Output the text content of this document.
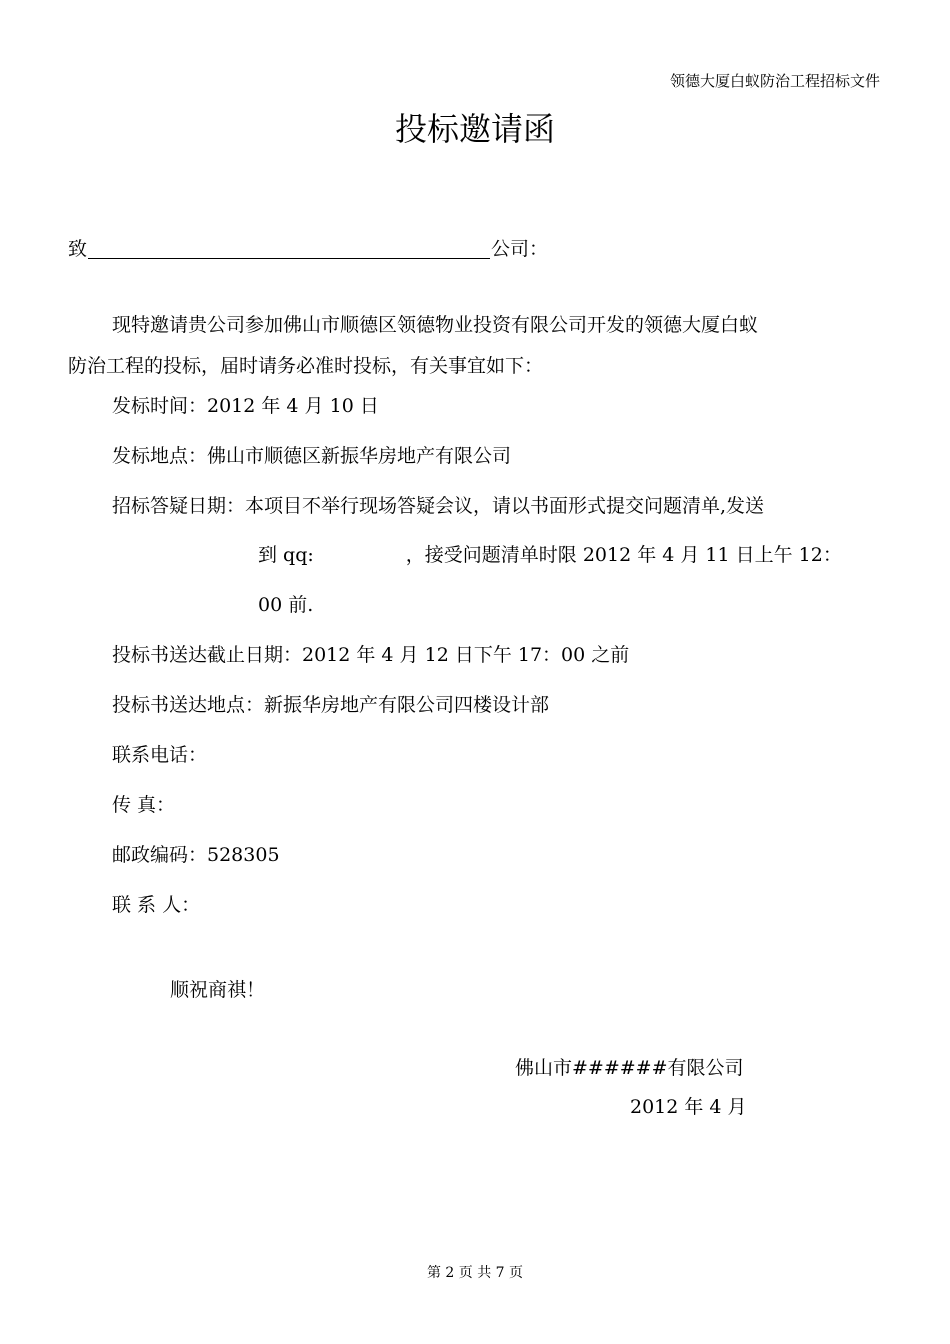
领德大厦白蚁防治工程招标文件
投标邀请函
致	公司：
现特邀请贵公司参加佛山市顺德区领德物业投资有限公司开发的领德大厦白蚁
防治工程的投标，届时请务必准时投标，有关事宜如下：
发标时间：2012 年 4 月 10 日
发标地点：佛山市顺德区新振华房地产有限公司
招标答疑日期：本项目不举行现场答疑会议，请以书面形式提交问题清单,发送
到 qq:	，接受问题清单时限 2012 年 4 月 11 日上午 12：
00 前.
投标书送达截止日期：2012 年 4 月 12 日下午 17：00 之前
投标书送达地点：新振华房地产有限公司四楼设计部
联系电话：
传 真：
邮政编码：528305
联 系 人：
顺祝商祺！
佛山市######有限公司
2012 年 4 月
第 2 页 共 7 页
